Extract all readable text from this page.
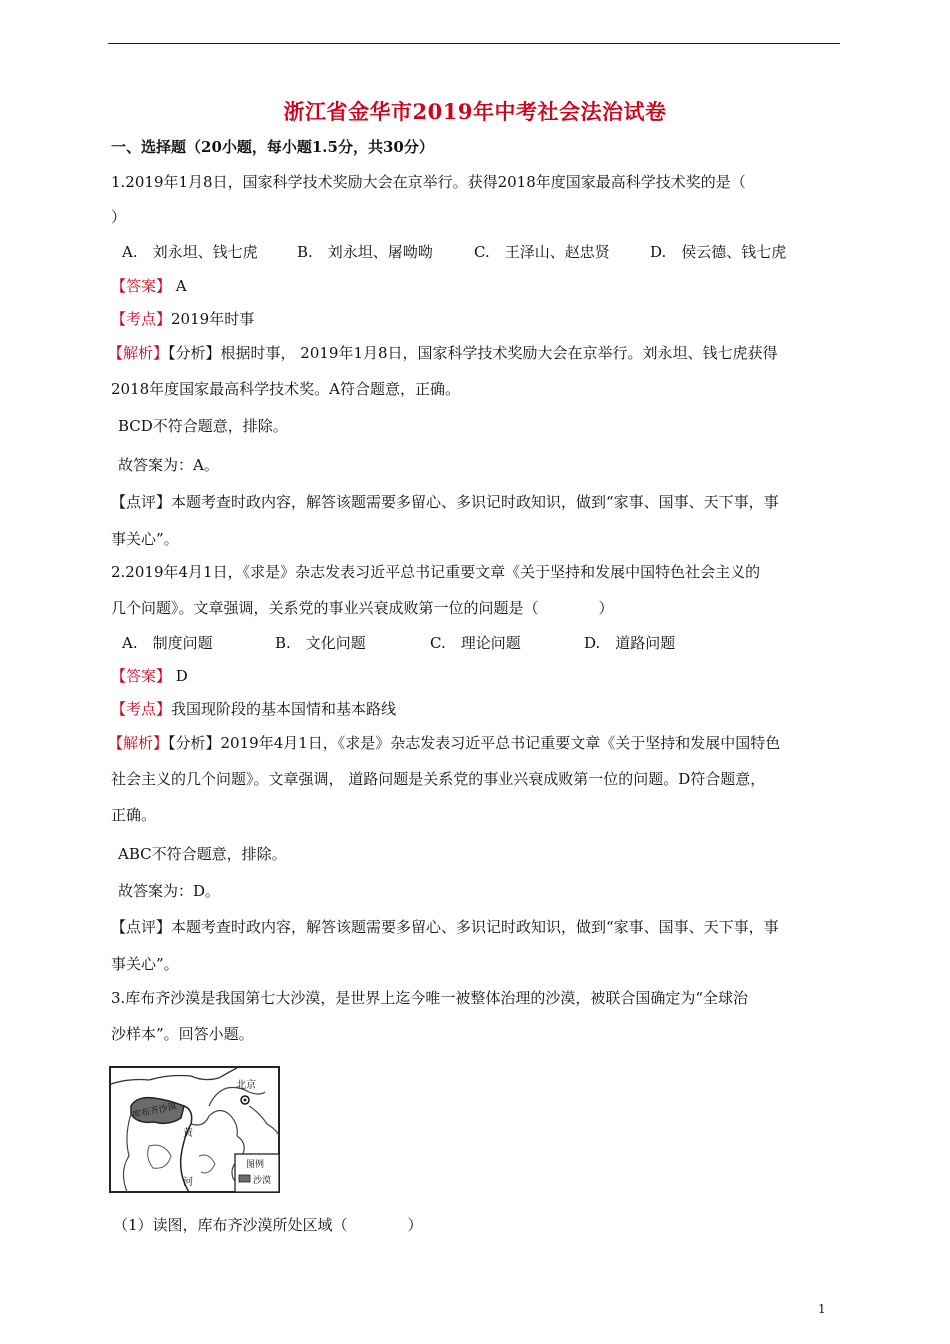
浙江省金华市2019年中考社会法治试卷
一、选择题（20小题，每小题1.5分，共30分）
1.2019年1月8日，国家科学技术奖励大会在京举行。获得2018年度国家最高科学技术奖的是（
）
A.　刘永坦、钱七虎	B.　刘永坦、屠呦呦	C.　王泽山、赵忠贤	D.　侯云德、钱七虎
【答案】 A
【考点】2019年时事
【解析】【分析】根据时事， 2019年1月8日，国家科学技术奖励大会在京举行。刘永坦、钱七虎获得
2018年度国家最高科学技术奖。A符合题意，正确。
BCD不符合题意，排除。
故答案为：A。
【点评】本题考查时政内容，解答该题需要多留心、多识记时政知识，做到“家事、国事、天下事，事
事关心”。
2.2019年4月1日，《求是》杂志发表习近平总书记重要文章《关于坚持和发展中国特色社会主义的
几个问题》。文章强调，关系党的事业兴衰成败第一位的问题是（　　　　）
A.　制度问题	B.　文化问题	C.　理论问题	D.　道路问题
【答案】 D
【考点】我国现阶段的基本国情和基本路线
【解析】【分析】2019年4月1日，《求是》杂志发表习近平总书记重要文章《关于坚持和发展中国特色
社会主义的几个问题》。文章强调， 道路问题是关系党的事业兴衰成败第一位的问题。D符合题意，
正确。
ABC不符合题意，排除。
故答案为：D。
【点评】本题考查时政内容，解答该题需要多留心、多识记时政知识，做到“家事、国事、天下事，事
事关心”。
3.库布齐沙漠是我国第七大沙漠，是世界上迄今唯一被整体治理的沙漠，被联合国确定为“全球治
沙样本”。回答小题。
北京
库布齐沙漠
黄
河
图例
沙漠
（1）读图，库布齐沙漠所处区域（　　　　）
1
